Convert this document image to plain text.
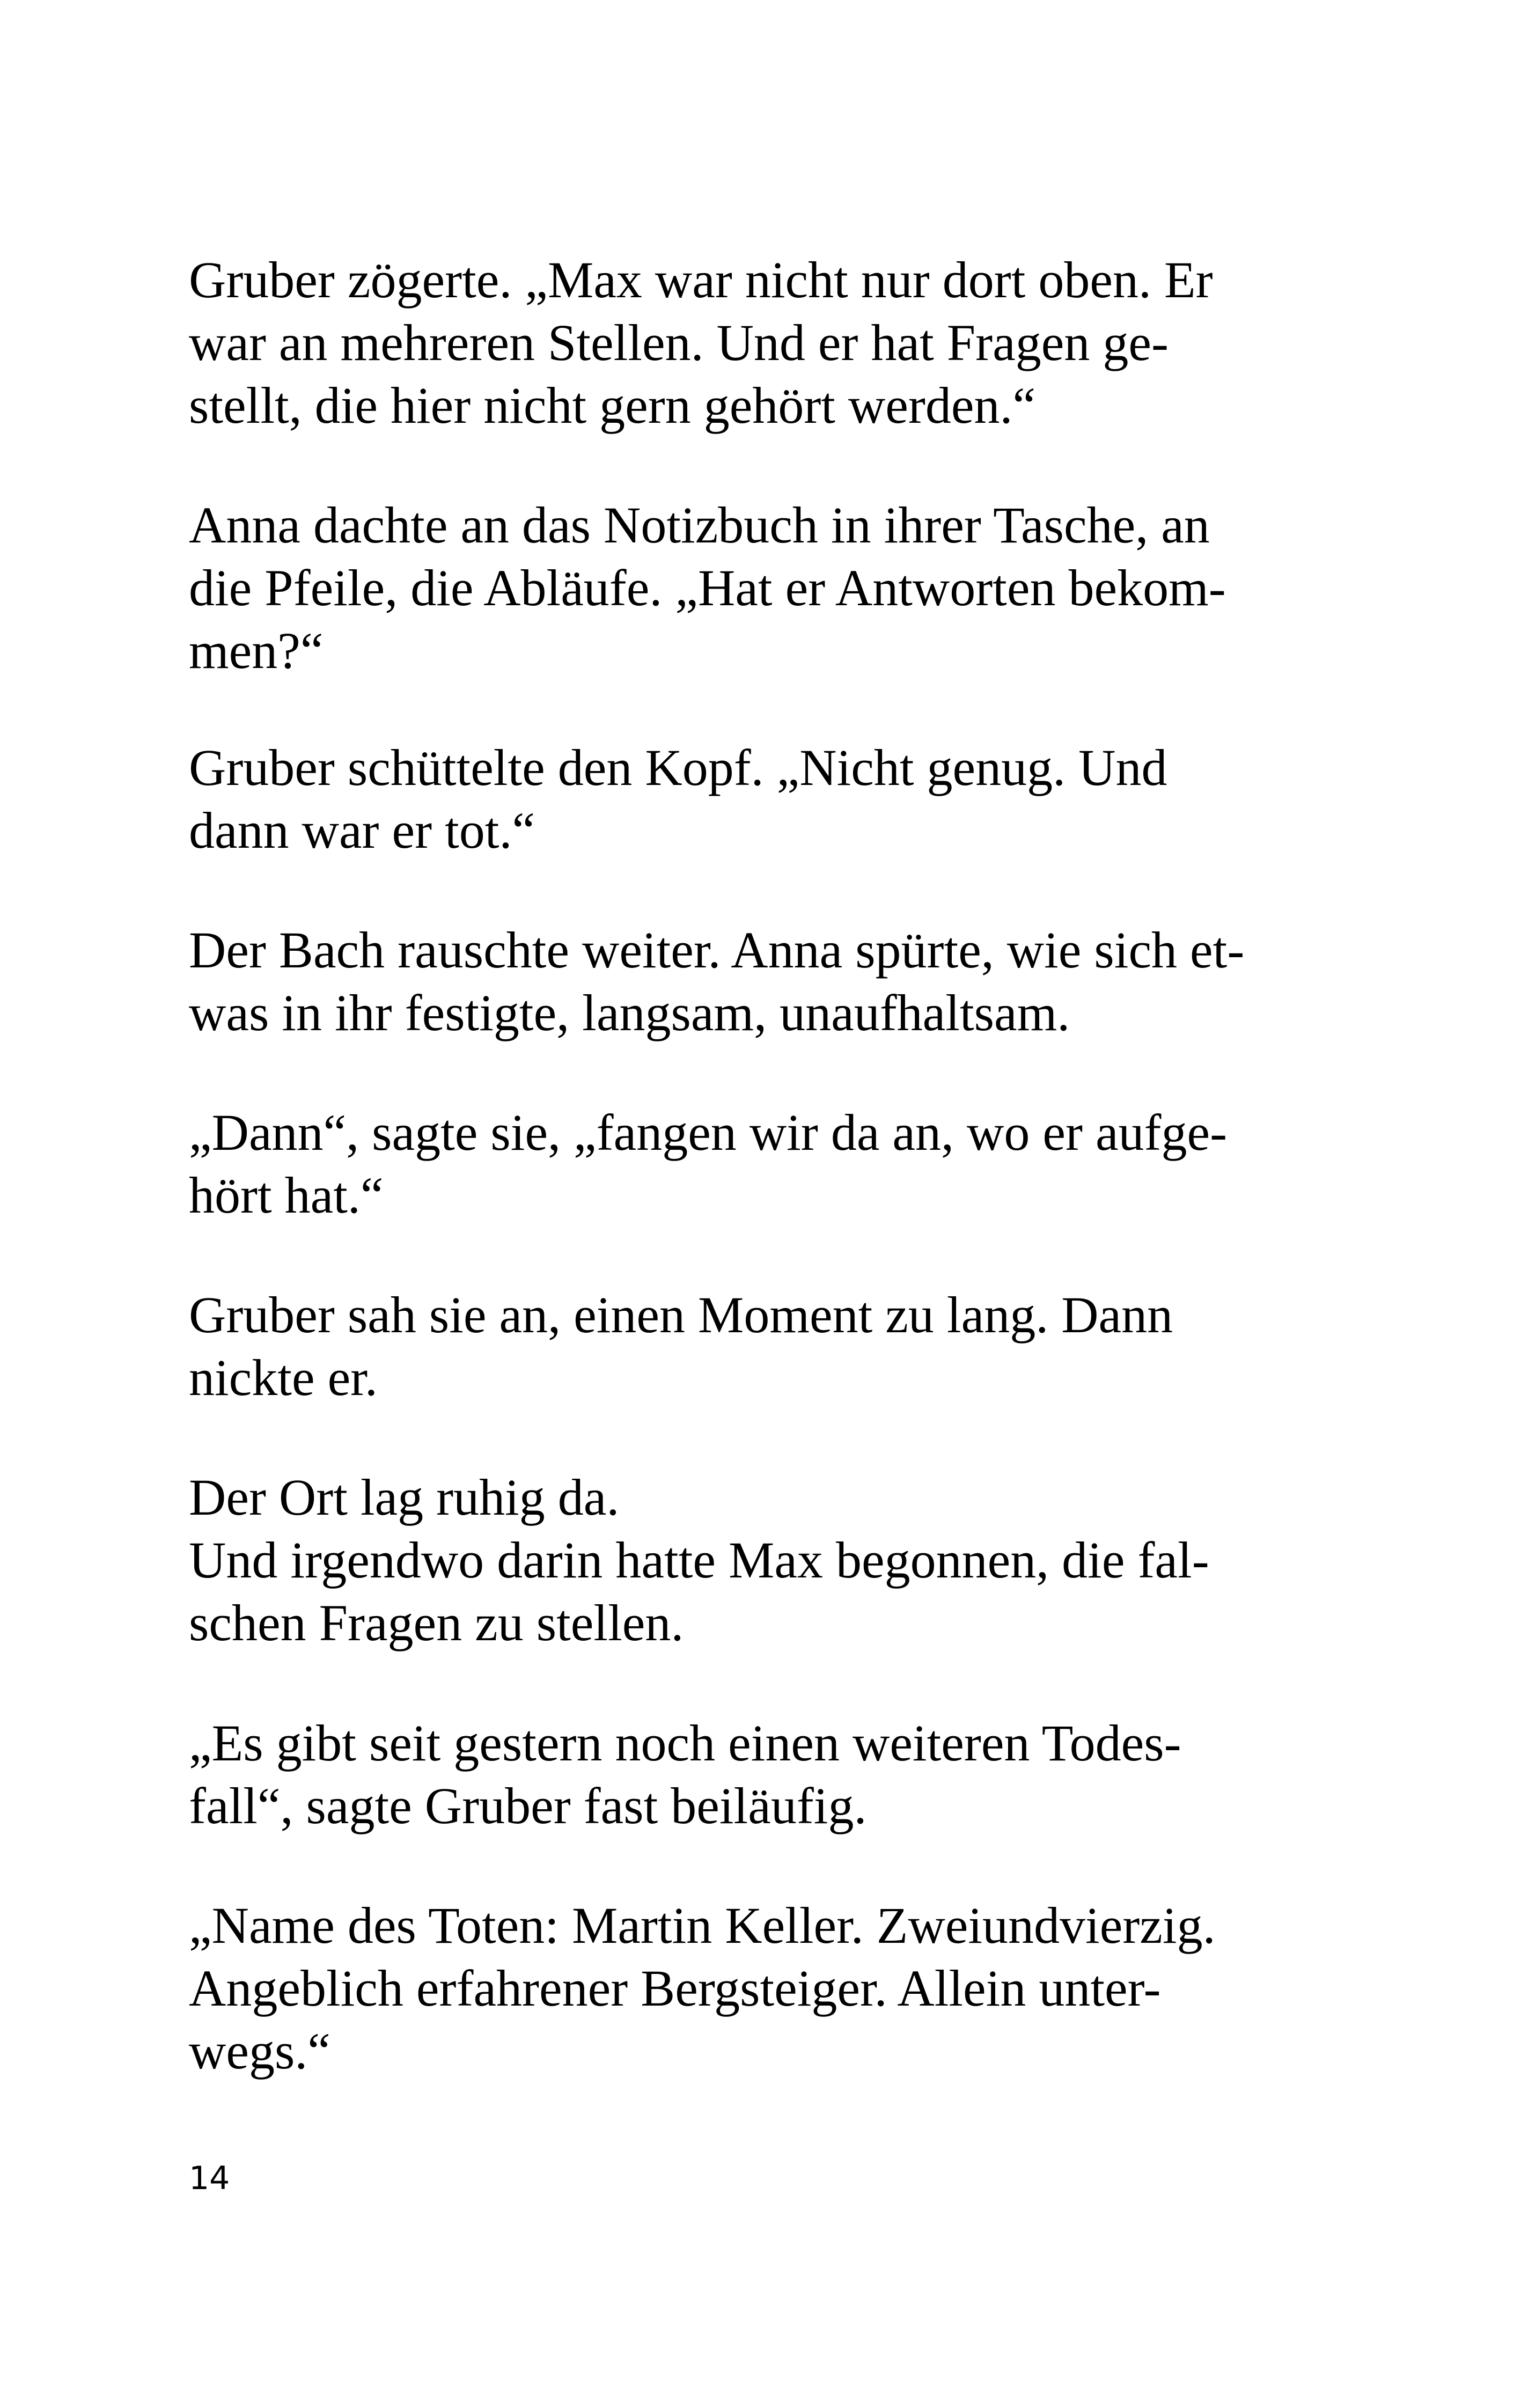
Gruber zögerte. „Max war nicht nur dort oben. Er
war an mehreren Stellen. Und er hat Fragen ge-
stellt, die hier nicht gern gehört werden.“

Anna dachte an das Notizbuch in ihrer Tasche, an
die Pfeile, die Abläufe. „Hat er Antworten bekom-
men?“

Gruber schüttelte den Kopf. „Nicht genug. Und
dann war er tot.“

Der Bach rauschte weiter. Anna spürte, wie sich et-
was in ihr festigte, langsam, unaufhaltsam.

„Dann“, sagte sie, „fangen wir da an, wo er aufge-
hört hat.“

Gruber sah sie an, einen Moment zu lang. Dann
nickte er.

Der Ort lag ruhig da.
Und irgendwo darin hatte Max begonnen, die fal-
schen Fragen zu stellen.

„Es gibt seit gestern noch einen weiteren Todes-
fall“, sagte Gruber fast beiläufig.

„Name des Toten: Martin Keller. Zweiundvierzig.
Angeblich erfahrener Bergsteiger. Allein unter-
wegs.“

14
